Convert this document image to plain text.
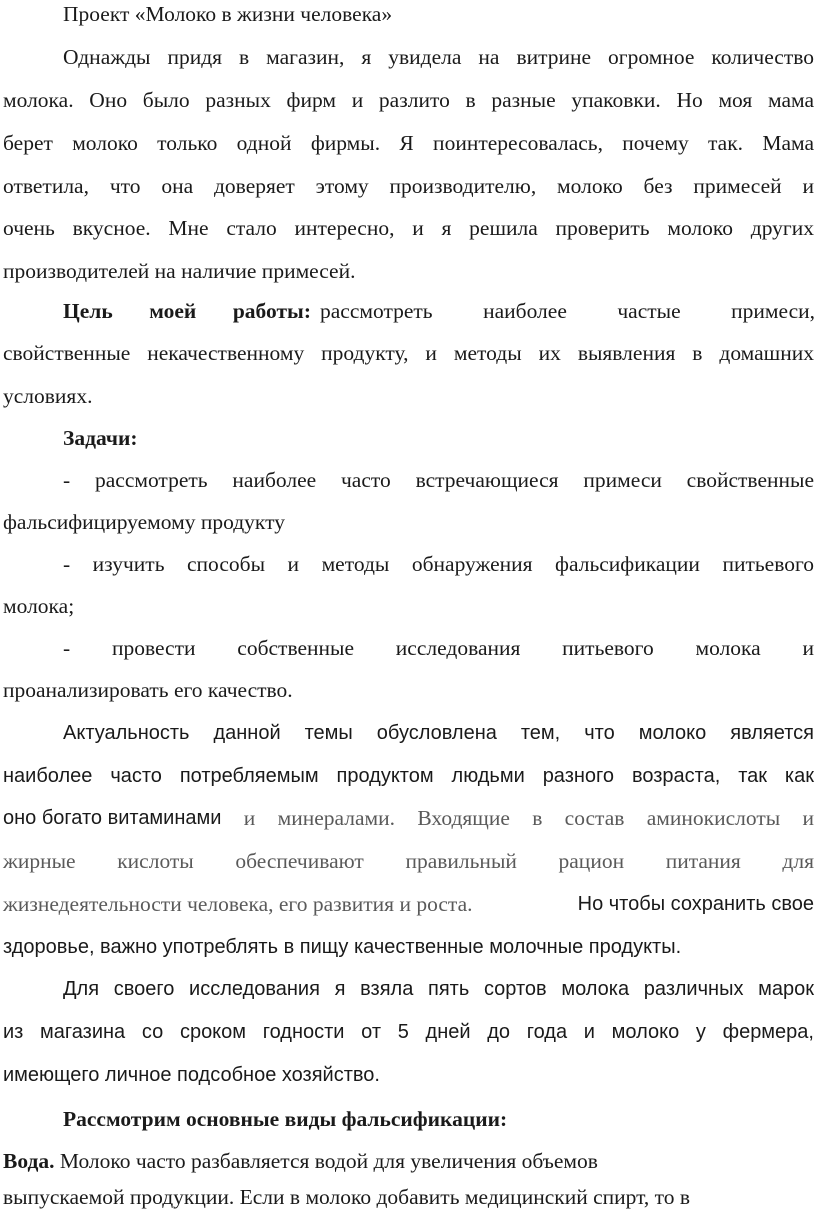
Проект «Молоко в жизни человека»
Однажды придя в магазин, я увидела на витрине огромное количество
молока. Оно было разных фирм и разлито в разные упаковки. Но моя мама
берет молоко только одной фирмы. Я поинтересовалась, почему так. Мама
ответила, что она доверяет этому производителю, молоко без примесей и
очень вкусное. Мне стало интересно, и я решила проверить молоко других
производителей на наличие примесей.
Цель моей работы: рассмотреть наиболее частые примеси,
свойственные некачественному продукту, и методы их выявления в домашних
условиях.
Задачи:
- рассмотреть наиболее часто встречающиеся примеси свойственные
фальсифицируемому продукту
- изучить способы и методы обнаружения фальсификации питьевого
молока;
- провести собственные исследования питьевого молока и
проанализировать его качество.
Актуальность данной темы обусловлена тем, что молоко является
наиболее часто потребляемым продуктом людьми разного возраста, так как
оно богато витаминами и минералами. Входящие в состав аминокислоты и
жирные кислоты обеспечивают правильный рацион питания для
жизнедеятельности человека, его развития и роста.	Но чтобы сохранить свое
здоровье, важно употреблять в пищу качественные молочные продукты.
Для своего исследования я взяла пять сортов молока различных марок
из магазина со сроком годности от 5 дней до года и молоко у фермера,
имеющего личное подсобное хозяйство.
Рассмотрим основные виды фальсификации:
Вода. Молоко часто разбавляется водой для увеличения объемов
выпускаемой продукции. Если в молоко добавить медицинский спирт, то в
